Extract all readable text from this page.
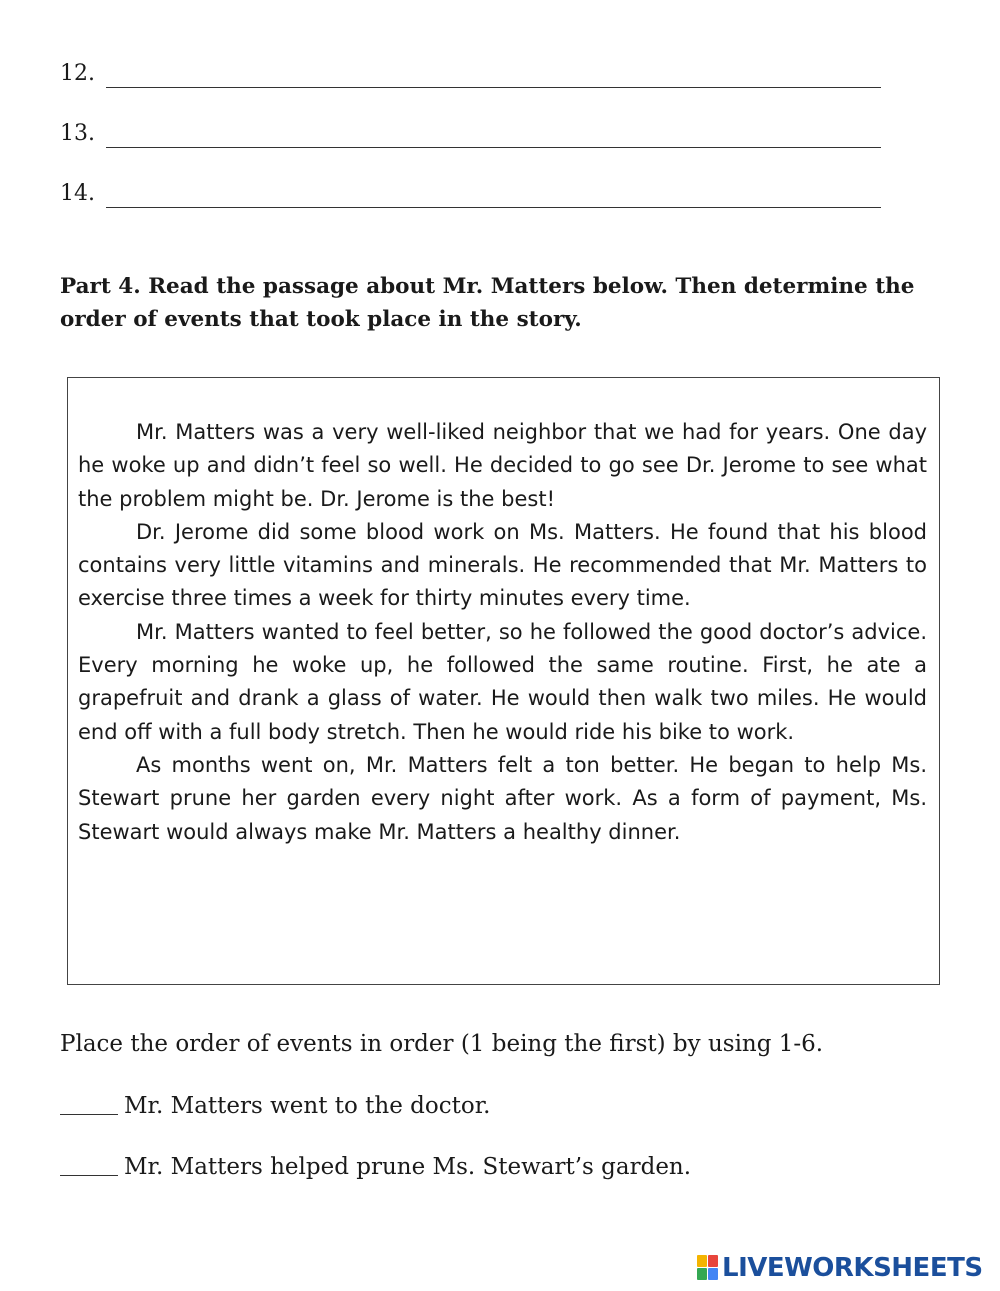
12.
13.
14.
Part 4. Read the passage about Mr. Matters below. Then determine the order of events that took place in the story.

Mr. Matters was a very well-liked neighbor that we had for years. One day he woke up and didn’t feel so well. He decided to go see Dr. Jerome to see what the problem might be. Dr. Jerome is the best!

Dr. Jerome did some blood work on Ms. Matters. He found that his blood contains very little vitamins and minerals. He recommended that Mr. Matters to exercise three times a week for thirty minutes every time.

Mr. Matters wanted to feel better, so he followed the good doctor’s advice. Every morning he woke up, he followed the same routine. First, he ate a grapefruit and drank a glass of water. He would then walk two miles. He would end off with a full body stretch. Then he would ride his bike to work.

As months went on, Mr. Matters felt a ton better. He began to help Ms. Stewart prune her garden every night after work. As a form of payment, Ms. Stewart would always make Mr. Matters a healthy dinner.

Place the order of events in order (1 being the first) by using 1-6.
Mr. Matters went to the doctor.
Mr. Matters helped prune Ms. Stewart’s garden.
LIVEWORKSHEETS
